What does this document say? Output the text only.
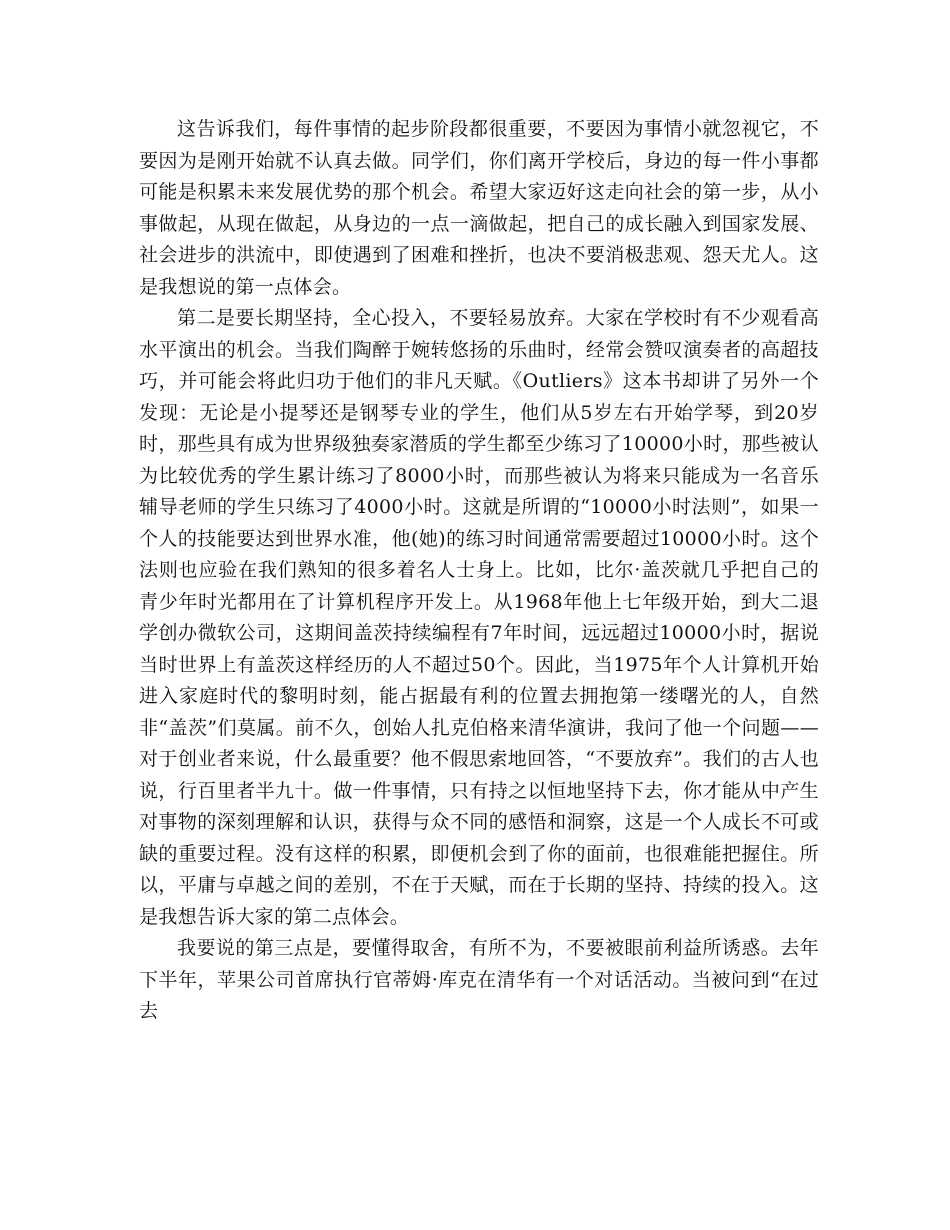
这告诉我们，每件事情的起步阶段都很重要，不要因为事情小就忽视它，不要因为是刚开始就不认真去做。同学们，你们离开学校后，身边的每一件小事都可能是积累未来发展优势的那个机会。希望大家迈好这走向社会的第一步，从小事做起，从现在做起，从身边的一点一滴做起，把自己的成长融入到国家发展、社会进步的洪流中，即使遇到了困难和挫折，也决不要消极悲观、怨天尤人。这是我想说的第一点体会。

第二是要长期坚持，全心投入，不要轻易放弃。大家在学校时有不少观看高水平演出的机会。当我们陶醉于婉转悠扬的乐曲时，经常会赞叹演奏者的高超技巧，并可能会将此归功于他们的非凡天赋。《Outliers》这本书却讲了另外一个发现：无论是小提琴还是钢琴专业的学生，他们从5岁左右开始学琴，到20岁时，那些具有成为世界级独奏家潜质的学生都至少练习了10000小时，那些被认为比较优秀的学生累计练习了8000小时，而那些被认为将来只能成为一名音乐辅导老师的学生只练习了4000小时。这就是所谓的“10000小时法则”，如果一个人的技能要达到世界水准，他(她)的练习时间通常需要超过10000小时。这个法则也应验在我们熟知的很多着名人士身上。比如，比尔·盖茨就几乎把自己的青少年时光都用在了计算机程序开发上。从1968年他上七年级开始，到大二退学创办微软公司，这期间盖茨持续编程有7年时间，远远超过10000小时，据说当时世界上有盖茨这样经历的人不超过50个。因此，当1975年个人计算机开始进入家庭时代的黎明时刻，能占据最有利的位置去拥抱第一缕曙光的人，自然非“盖茨”们莫属。前不久，创始人扎克伯格来清华演讲，我问了他一个问题——对于创业者来说，什么最重要？他不假思索地回答，“不要放弃”。我们的古人也说，行百里者半九十。做一件事情，只有持之以恒地坚持下去，你才能从中产生对事物的深刻理解和认识，获得与众不同的感悟和洞察，这是一个人成长不可或缺的重要过程。没有这样的积累，即便机会到了你的面前，也很难能把握住。所以，平庸与卓越之间的差别，不在于天赋，而在于长期的坚持、持续的投入。这是我想告诉大家的第二点体会。

我要说的第三点是，要懂得取舍，有所不为，不要被眼前利益所诱惑。去年下半年，苹果公司首席执行官蒂姆·库克在清华有一个对话活动。当被问到“在过去
